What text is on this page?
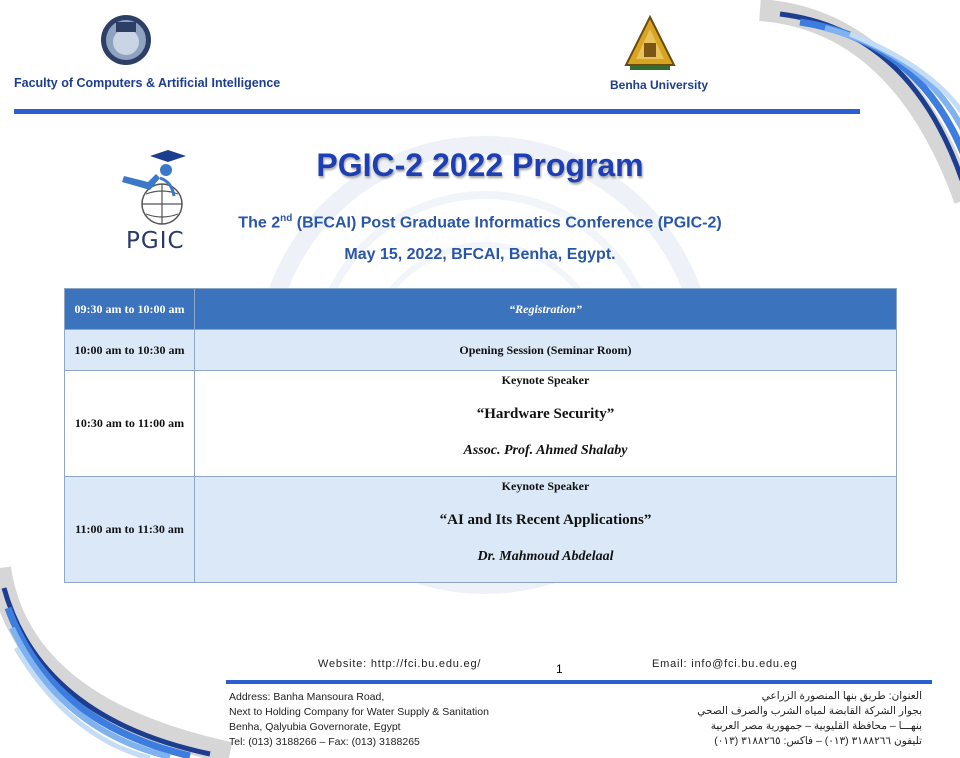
Faculty of Computers & Artificial Intelligence	Benha University
PGIC
PGIC-2 2022 Program
The 2nd (BFCAI) Post Graduate Informatics Conference (PGIC-2)
May 15, 2022, BFCAI, Benha, Egypt.
09:30 am to 10:00 am	“Registration”
10:00 am to 10:30 am	Opening Session (Seminar Room)
10:30 am to 11:00 am	Keynote Speaker
“Hardware Security”
Assoc. Prof. Ahmed Shalaby

11:00 am to 11:30 am	Keynote Speaker
“AI and Its Recent Applications”
Dr. Mahmoud Abdelaal
Website: http://fci.bu.edu.eg/	1	Email: info@fci.bu.edu.eg
Address: Banha Mansoura Road,
Next to Holding Company for Water Supply & Sanitation
Benha, Qalyubia Governorate, Egypt
Tel: (013) 3188266 – Fax: (013) 3188265
العنوان: طريق بنها المنصورة الزراعي
بجوار الشركة القابضة لمياه الشرب والصرف الصحي
بنهـــا – محافظة القليوبية – جمهورية مصر العربية
تليفون ٣١٨٨٢٦٦ (٠١٣) – فاكس: ٣١٨٨٢٦٥ (٠١٣)
